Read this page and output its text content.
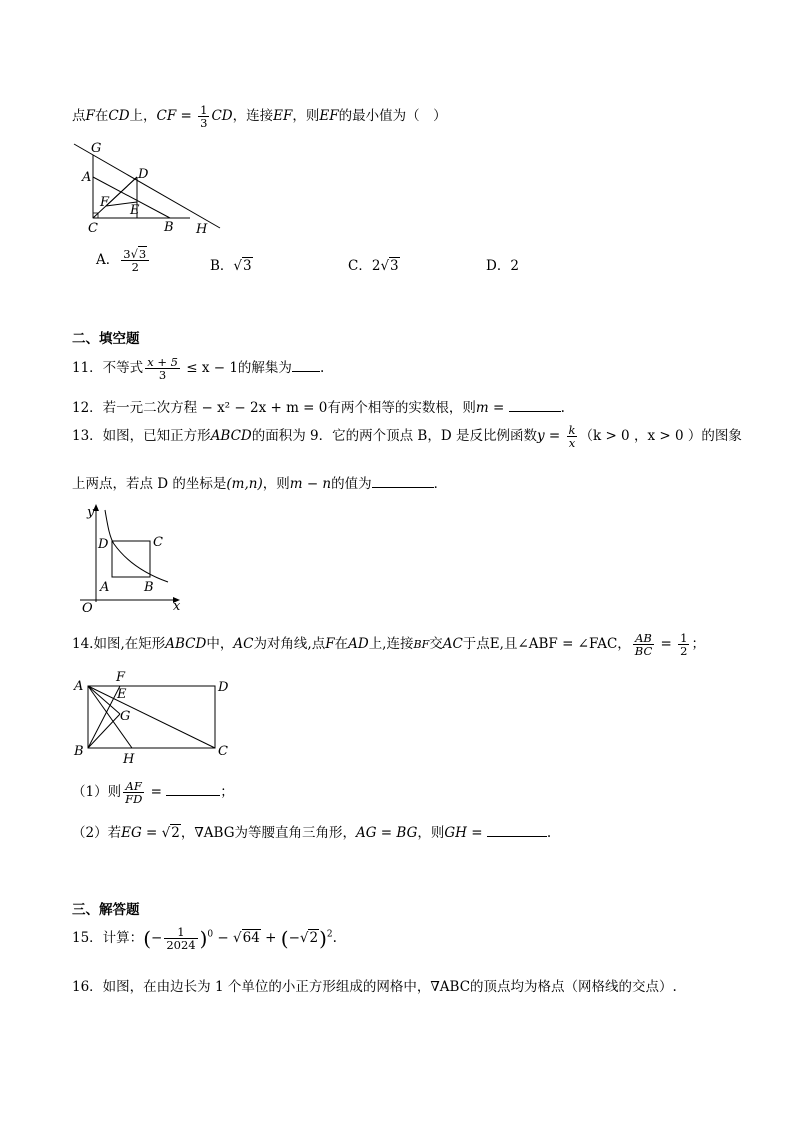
点F在CD上，CF = $\frac{1}{3}$ CD，连接EF，则EF的最小值为（　）
G
A	D
F
E
C	B H
A． $\frac{3√3}{2}$	B．√3	C．2√3	D．2
二、填空题
11．不等式 $\frac{x + 5}{3} \le x - 1$的解集为 .
12．若一元二次方程 − x² − 2x + m = 0有两个相等的实数根，则m =	.
13．如图，已知正方形ABCD的面积为 9．它的两个顶点 B，D 是反比例函数$y = \frac{k}{x} (k > 0$ ，x > 0 ）的图象
上两点，若点 D 的坐标是(m,n)，则m − n的值为	．
y
D	C
A	B
O	x
14.如图,在矩形ABCD中，AC为对角线,点F在AD上,连接BF交AC于点E,且∠ABF = ∠FAC， $\frac{AB}{BC} = \frac{1}{2}$ ；
A
F
D
E
G
B
H
C
（1）则 $\frac{AF}{FD}$ =	；
（2）若EG = √2，∇ABG为等腰直角三角形，AG = BG，则GH =	.
三、解答题
15．计算：(− $\frac{1}{2024} )^0 - √64 + (-√2)^2$.
16．如图，在由边长为 1 个单位的小正方形组成的网格中，∇ABC的顶点均为格点（网格线的交点）.
